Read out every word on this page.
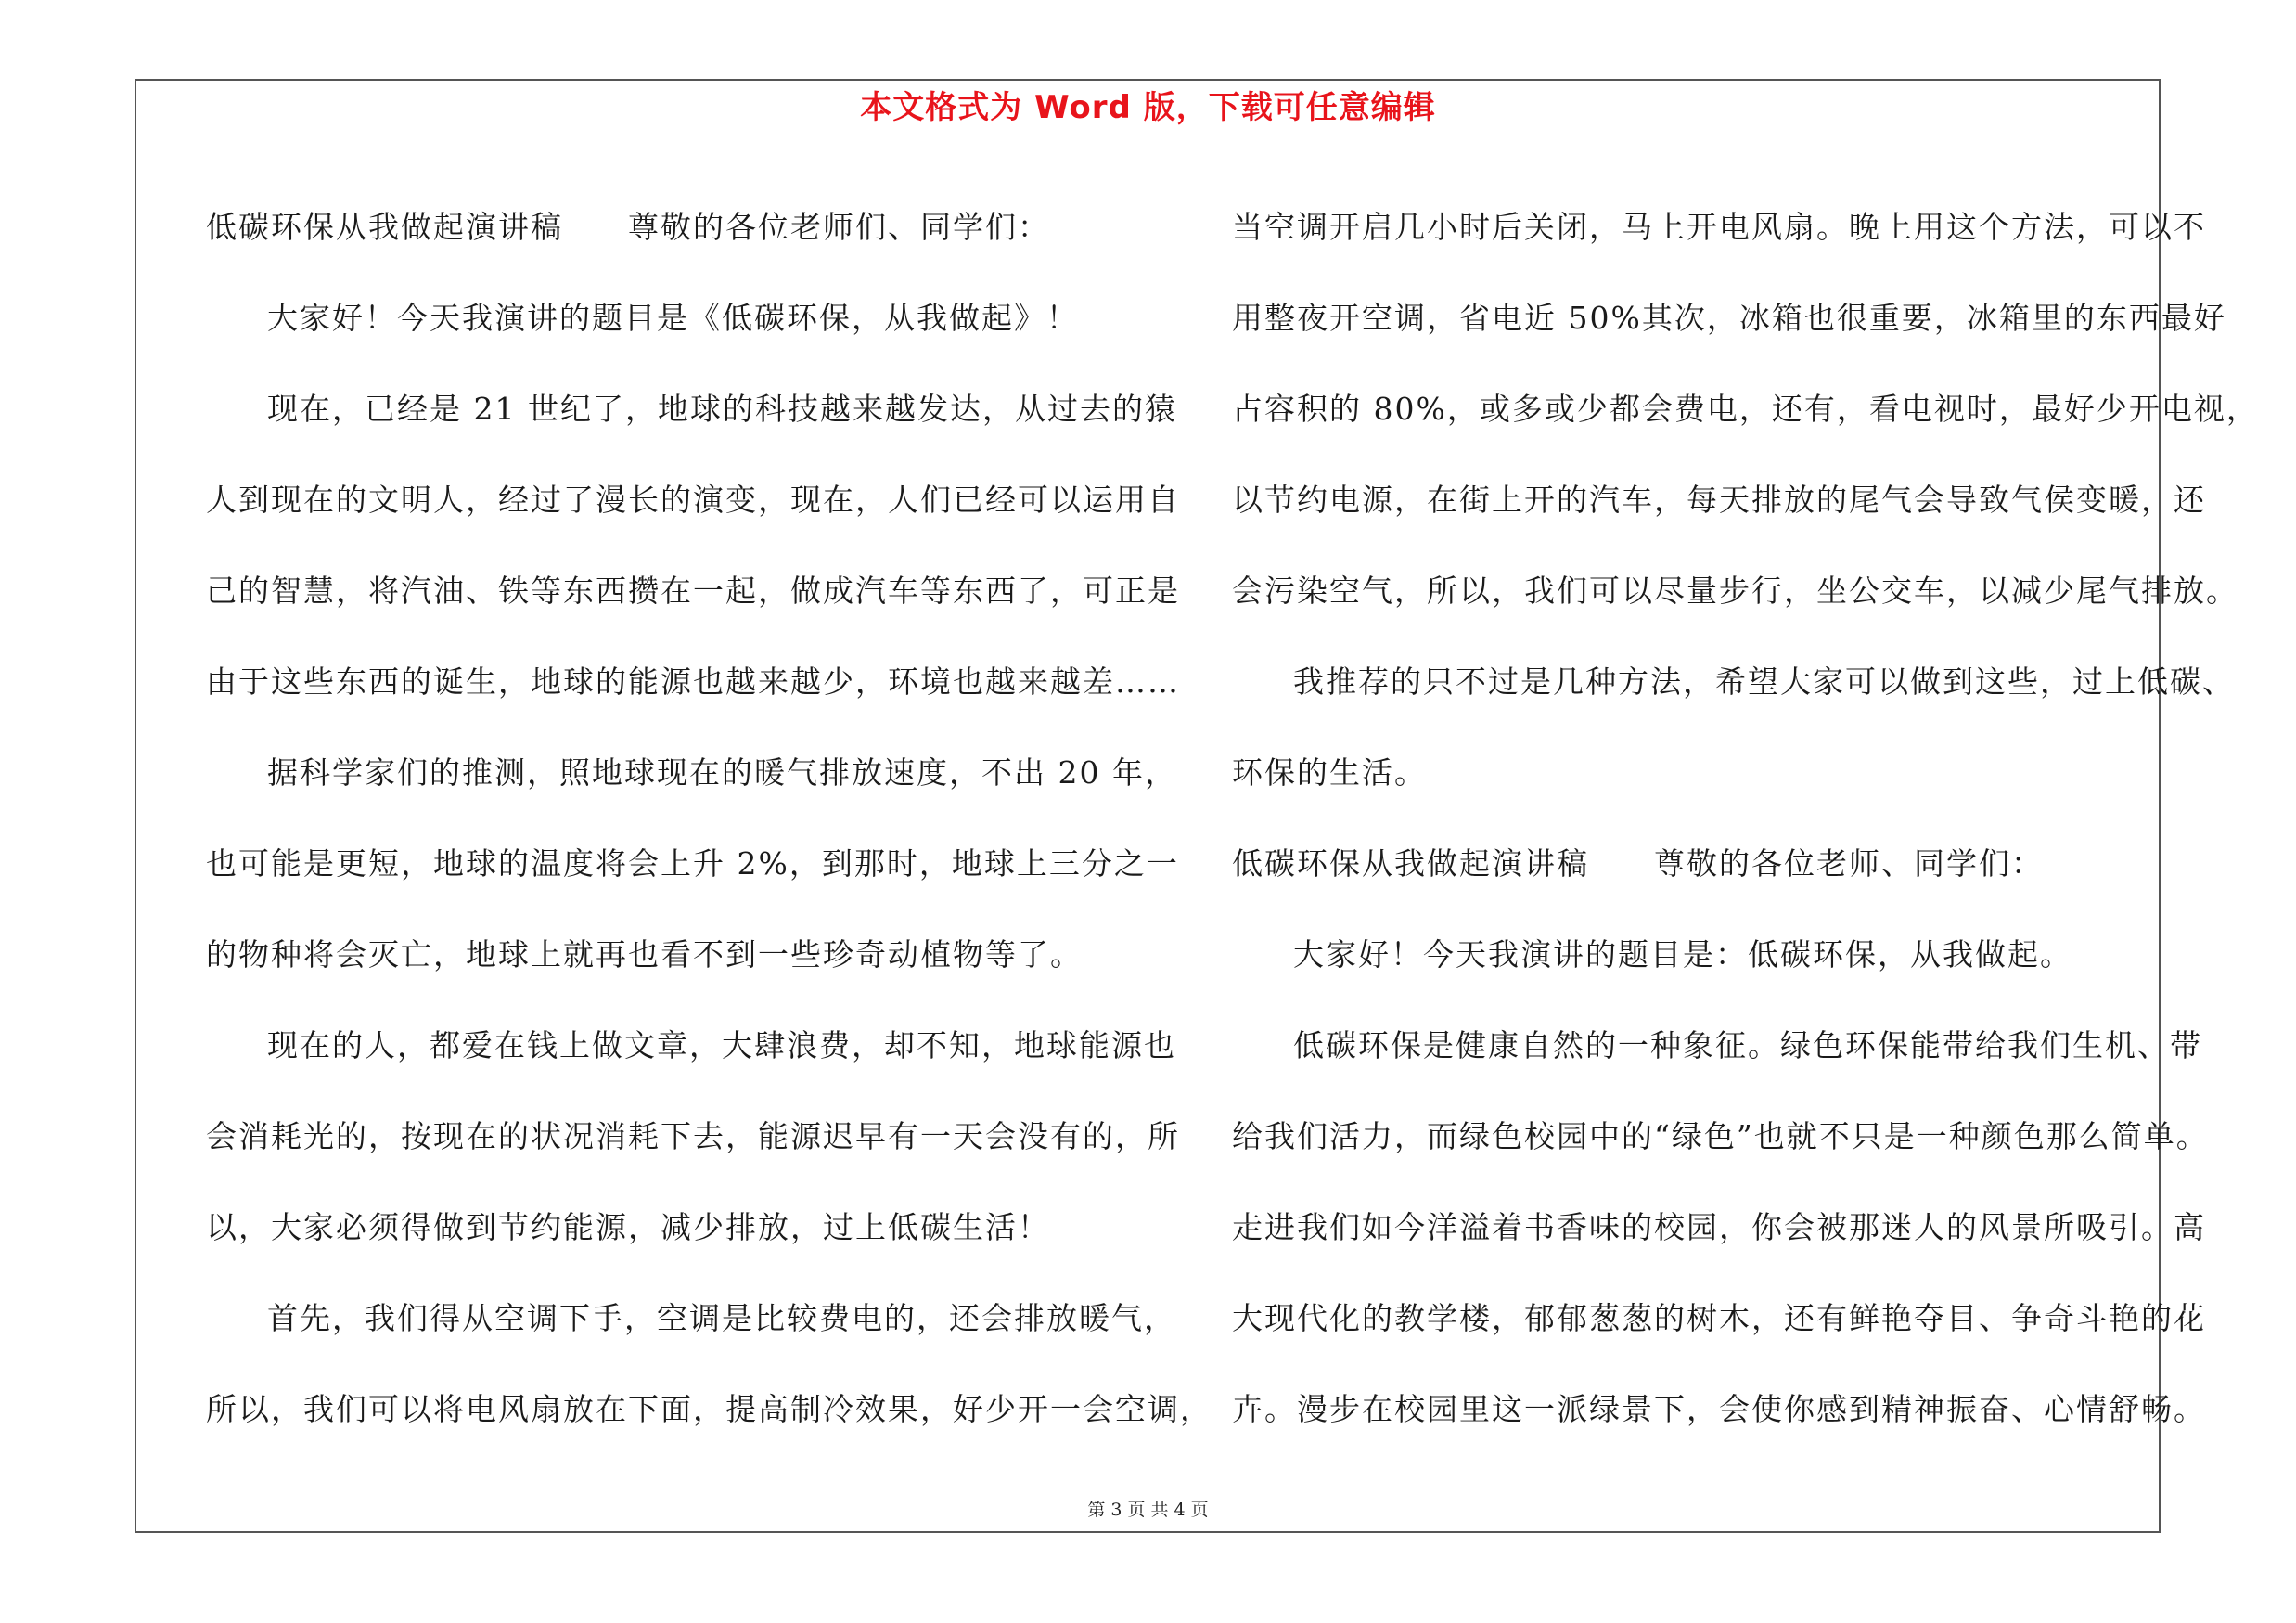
本文格式为 Word 版，下载可任意编辑
低碳环保从我做起演讲稿　　尊敬的各位老师们、同学们：
大家好！今天我演讲的题目是《低碳环保，从我做起》！
现在，已经是 21 世纪了，地球的科技越来越发达，从过去的猿
人到现在的文明人，经过了漫长的演变，现在，人们已经可以运用自
己的智慧，将汽油、铁等东西攒在一起，做成汽车等东西了，可正是
由于这些东西的诞生，地球的能源也越来越少，环境也越来越差……
据科学家们的推测，照地球现在的暖气排放速度，不出 20 年，
也可能是更短，地球的温度将会上升 2%，到那时，地球上三分之一
的物种将会灭亡，地球上就再也看不到一些珍奇动植物等了。
现在的人，都爱在钱上做文章，大肆浪费，却不知，地球能源也
会消耗光的，按现在的状况消耗下去，能源迟早有一天会没有的，所
以，大家必须得做到节约能源，减少排放，过上低碳生活！
首先，我们得从空调下手，空调是比较费电的，还会排放暖气，
所以，我们可以将电风扇放在下面，提高制冷效果，好少开一会空调，
当空调开启几小时后关闭，马上开电风扇。晚上用这个方法，可以不
用整夜开空调，省电近 50%其次，冰箱也很重要，冰箱里的东西最好
占容积的 80%，或多或少都会费电，还有，看电视时，最好少开电视，
以节约电源，在街上开的汽车，每天排放的尾气会导致气侯变暖，还
会污染空气，所以，我们可以尽量步行，坐公交车，以减少尾气排放。
我推荐的只不过是几种方法，希望大家可以做到这些，过上低碳、
环保的生活。
低碳环保从我做起演讲稿　　尊敬的各位老师、同学们：
大家好！今天我演讲的题目是：低碳环保，从我做起。
低碳环保是健康自然的一种象征。绿色环保能带给我们生机、带
给我们活力，而绿色校园中的“绿色”也就不只是一种颜色那么简单。
走进我们如今洋溢着书香味的校园，你会被那迷人的风景所吸引。高
大现代化的教学楼，郁郁葱葱的树木，还有鲜艳夺目、争奇斗艳的花
卉。漫步在校园里这一派绿景下，会使你感到精神振奋、心情舒畅。
第 3 页 共 4 页
